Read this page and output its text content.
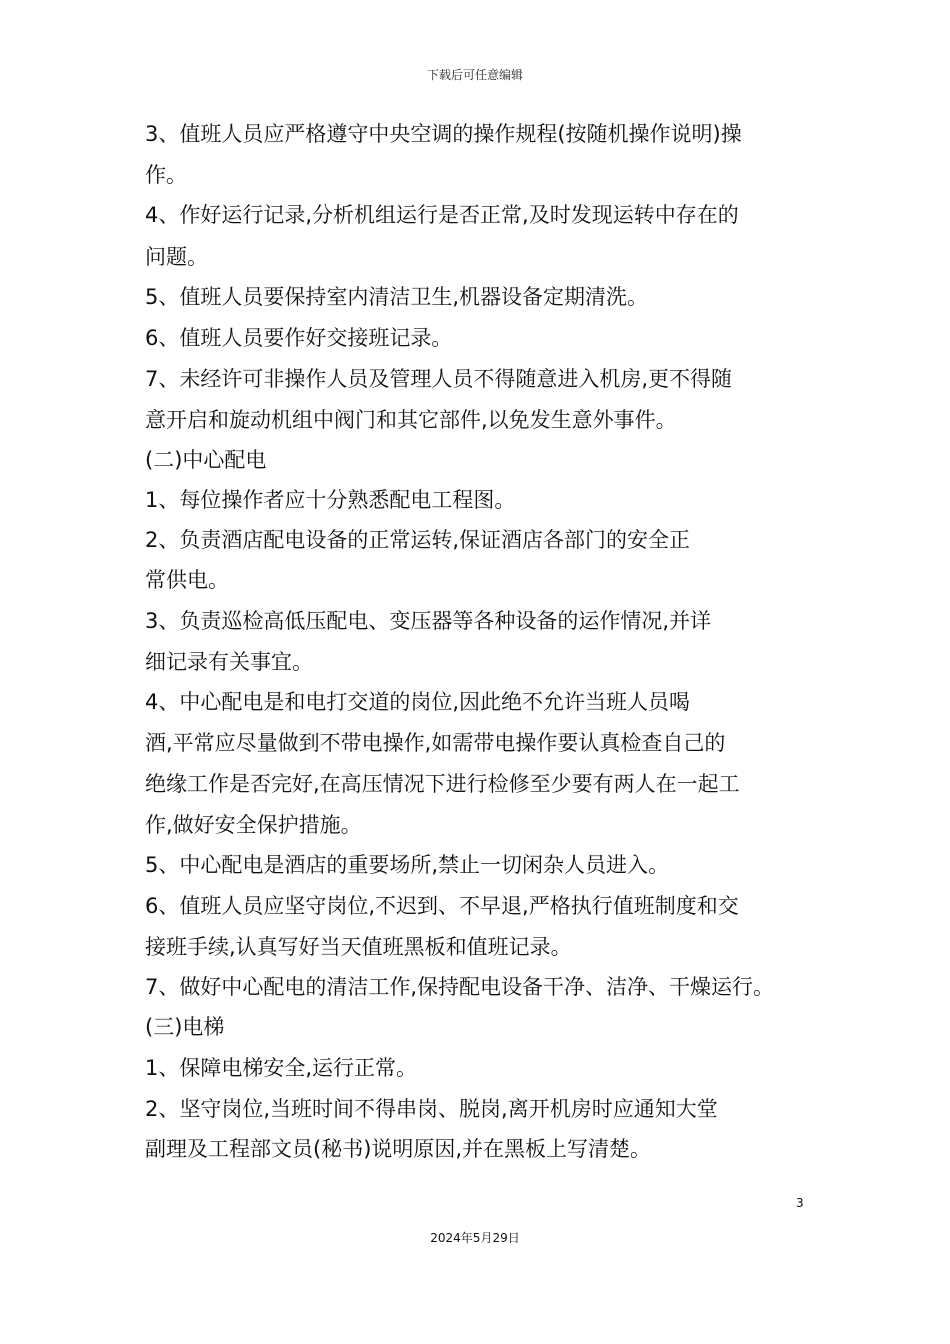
下载后可任意编辑
3、值班人员应严格遵守中央空调的操作规程(按随机操作说明)操
作。
4、作好运行记录,分析机组运行是否正常,及时发现运转中存在的
问题。
5、值班人员要保持室内清洁卫生,机器设备定期清洗。
6、值班人员要作好交接班记录。
7、未经许可非操作人员及管理人员不得随意进入机房,更不得随
意开启和旋动机组中阀门和其它部件,以免发生意外事件。
(二)中心配电
1、每位操作者应十分熟悉配电工程图。
2、负责酒店配电设备的正常运转,保证酒店各部门的安全正
常供电。
3、负责巡检高低压配电、变压器等各种设备的运作情况,并详
细记录有关事宜。
4、中心配电是和电打交道的岗位,因此绝不允许当班人员喝
酒,平常应尽量做到不带电操作,如需带电操作要认真检查自己的
绝缘工作是否完好,在高压情况下进行检修至少要有两人在一起工
作,做好安全保护措施。
5、中心配电是酒店的重要场所,禁止一切闲杂人员进入。
6、值班人员应坚守岗位,不迟到、不早退,严格执行值班制度和交
接班手续,认真写好当天值班黑板和值班记录。
7、做好中心配电的清洁工作,保持配电设备干净、洁净、干燥运行。
(三)电梯
1、保障电梯安全,运行正常。
2、坚守岗位,当班时间不得串岗、脱岗,离开机房时应通知大堂
副理及工程部文员(秘书)说明原因,并在黑板上写清楚。
3
2024年5月29日
